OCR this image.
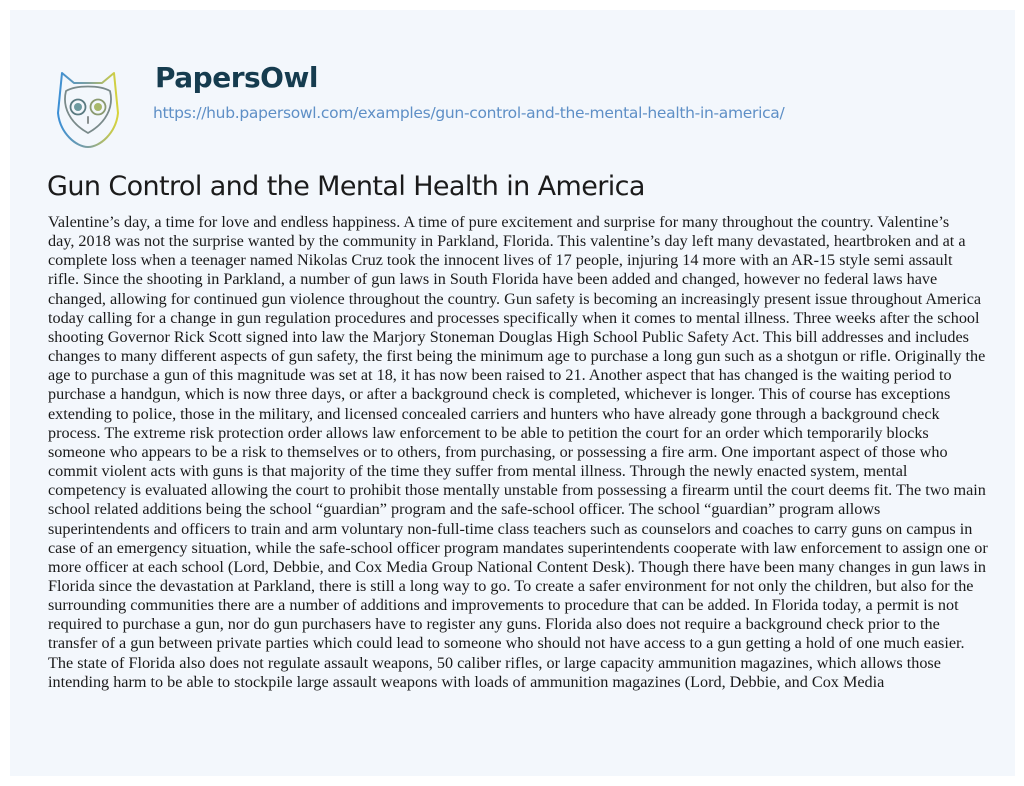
PapersOwl
https://hub.papersowl.com/examples/gun-control-and-the-mental-health-in-america/
Gun Control and the Mental Health in America
Valentine’s day, a time for love and endless happiness. A time of pure excitement and surprise for many throughout the country. Valentine’s
day, 2018 was not the surprise wanted by the community in Parkland, Florida. This valentine’s day left many devastated, heartbroken and at a
complete loss when a teenager named Nikolas Cruz took the innocent lives of 17 people, injuring 14 more with an AR-15 style semi assault
rifle. Since the shooting in Parkland, a number of gun laws in South Florida have been added and changed, however no federal laws have
changed, allowing for continued gun violence throughout the country. Gun safety is becoming an increasingly present issue throughout America
today calling for a change in gun regulation procedures and processes specifically when it comes to mental illness. Three weeks after the school
shooting Governor Rick Scott signed into law the Marjory Stoneman Douglas High School Public Safety Act. This bill addresses and includes
changes to many different aspects of gun safety, the first being the minimum age to purchase a long gun such as a shotgun or rifle. Originally the
age to purchase a gun of this magnitude was set at 18, it has now been raised to 21. Another aspect that has changed is the waiting period to
purchase a handgun, which is now three days, or after a background check is completed, whichever is longer. This of course has exceptions
extending to police, those in the military, and licensed concealed carriers and hunters who have already gone through a background check
process. The extreme risk protection order allows law enforcement to be able to petition the court for an order which temporarily blocks
someone who appears to be a risk to themselves or to others, from purchasing, or possessing a fire arm. One important aspect of those who
commit violent acts with guns is that majority of the time they suffer from mental illness. Through the newly enacted system, mental
competency is evaluated allowing the court to prohibit those mentally unstable from possessing a firearm until the court deems fit. The two main
school related additions being the school “guardian” program and the safe-school officer. The school “guardian” program allows
superintendents and officers to train and arm voluntary non-full-time class teachers such as counselors and coaches to carry guns on campus in
case of an emergency situation, while the safe-school officer program mandates superintendents cooperate with law enforcement to assign one or
more officer at each school (Lord, Debbie, and Cox Media Group National Content Desk). Though there have been many changes in gun laws in
Florida since the devastation at Parkland, there is still a long way to go. To create a safer environment for not only the children, but also for the
surrounding communities there are a number of additions and improvements to procedure that can be added. In Florida today, a permit is not
required to purchase a gun, nor do gun purchasers have to register any guns. Florida also does not require a background check prior to the
transfer of a gun between private parties which could lead to someone who should not have access to a gun getting a hold of one much easier.
The state of Florida also does not regulate assault weapons, 50 caliber rifles, or large capacity ammunition magazines, which allows those
intending harm to be able to stockpile large assault weapons with loads of ammunition magazines (Lord, Debbie, and Cox Media
